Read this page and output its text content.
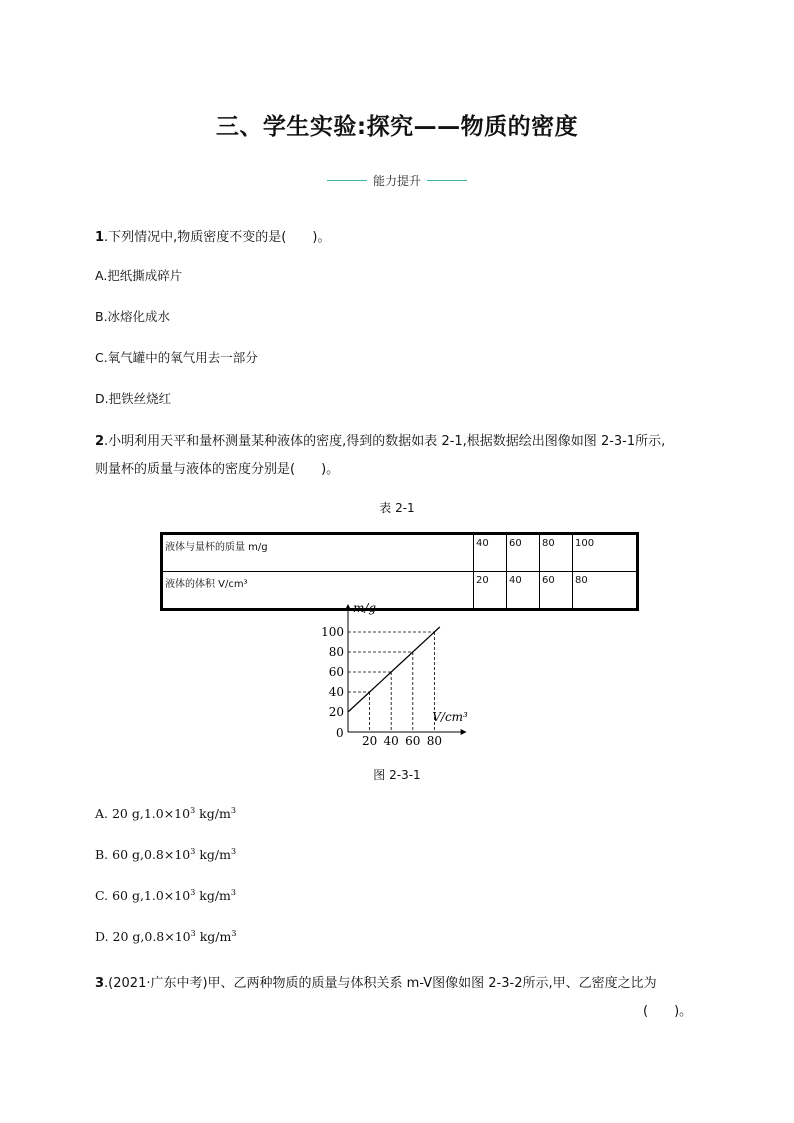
三、学生实验:探究——物质的密度
能力提升
1.下列情况中,物质密度不变的是(　　)。
A.把纸撕成碎片
B.冰熔化成水
C.氧气罐中的氧气用去一部分
D.把铁丝烧红
2.小明利用天平和量杯测量某种液体的密度,得到的数据如表 2-1,根据数据绘出图像如图 2-3-1所示,
则量杯的质量与液体的密度分别是(　　)。
表 2-1
液体与量杯的质量 m/g	40	60	80	100
液体的体积 V/cm³	20	40	60	80
m/g
V/cm³
0
20
40
60
80
100
20 40 60 80
图 2-3-1
A. 20 $g,1.0\times 10^3$ $kg/m^3$
B. 60 $g,0.8\times 10^3$ $kg/m^3$
C. 60 $g,1.0\times 10^3$ $kg/m^3$
D. 20 $g,0.8\times 10^3$ $kg/m^3$
3.(2021·广东中考)甲、乙两种物质的质量与体积关系 m-V图像如图 2-3-2所示,甲、乙密度之比为
(　　)。
